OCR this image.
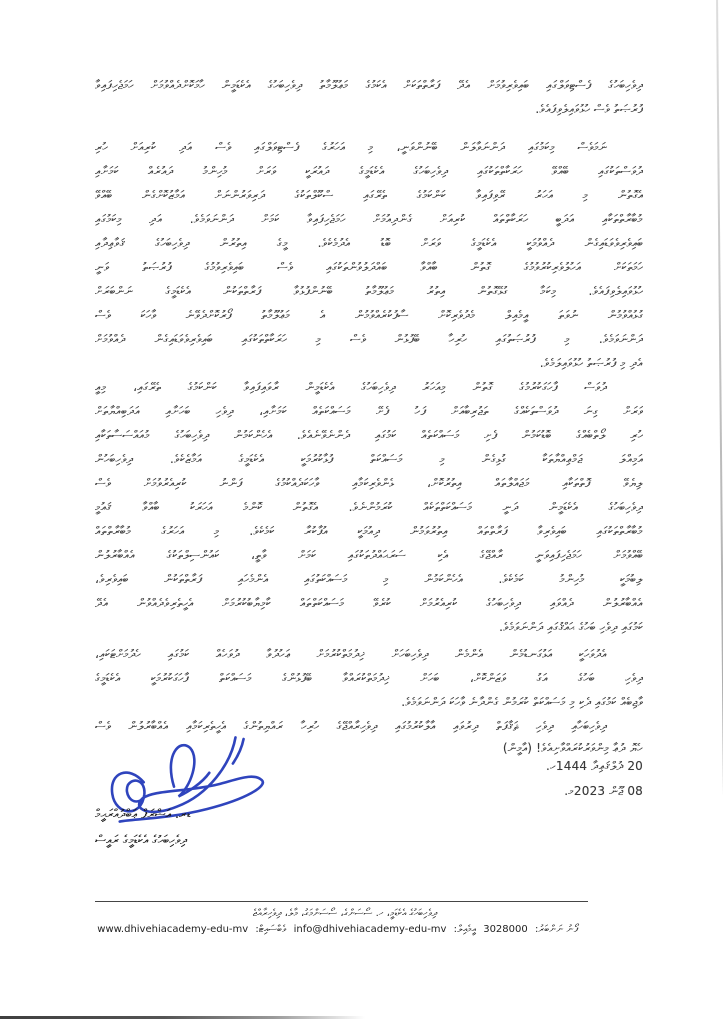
ދިވެހިބަހުގެ ފެސްޓިވަލްގައި ބައިވެރިވުމަށް އެދޭ ފަރާތްތަކަށް އެކަމުގެ މަޢުލޫމާތު ދިވެހިބަހުގެ އެކެޑަމީން ހާމަކޮށްދެއްވުމަށް ހަމަޖެހިފައިވާ
ފުރުޞަތު ވެސް ހުޅުވައިލެވިފައެވެ.
ނަމަވެސް މިކަމުގައި ދަންނަވާލަން ބޭނުންވަނީ، މި އަހަރުގެ ފެސްޓިވަލްގައި ވެސް އަދި ކުރިއަށް ހުރި
ދުވަސްތަކުގައި ބޭއްވޭ ހަރަކާތްތަކުގައި ދިވެހިބަހުގެ އެކެޑަމީގެ ދައުރަކީ ވަރަށް މުހިންމު ދައުރެއް ކަމަށާއި
އެގޮތުން މި އަހަރު ރޭވިފައިވާ ކަންކަމުގެ ތެރޭގައި ސްކޫލްތަކުގެ ދަރިވަރުންނަށް އަމާޒުކޮށްގެން ބޭއްވޭ
މުބާރާތްތަކާއި އަދަބީ ހަރަކާތްތައް ކުރިއަށް ގެންދިއުމަށް ހަމަޖެހިފައިވާ ކަމަށް ދަންނަވަމެވެ. އަދި މިކަމުގައި
ބައިވެރިވެވަޑައިގެން ދެއްވުމަކީ އެކެޑަމީގެ ވަރަށް ބޮޑު އެދުމެކެވެ. މީގެ އިތުރުން ދިވެހިބަހުގެ ޤަވާޢިދާއި
ހަމަތަކަށް އަހުލުވެރިކުރުވުމުގެ ގޮތުން ބާއްވާ ބައްދަލުވުންތަކުގައި ވެސް ބައިވެރިވުމުގެ ފުރުޞަތު ވަނީ
ހުޅުވައިލެވިފައެވެ. މިކަމާ ގުޅޭގޮތުން އިތުރު މަޢުލޫމާތު ބޭނުންފުޅުވާ ފަރާތްތަކުން އެކެޑަމީގެ ނަންބަރަށް
ގުޅުއްވުމުން ނުވަތަ އީމެއިލް މެދުވެރިކޮށް ސާފުކުރެއްވުމުން އެ މަޢުލޫމާތު ފޯރުކޮށްދެވޭނެ ވާހަކަ ވެސް
ދަންނަވަމެވެ. މި ފުރުޞަތުގައި ހުރިހާ ބޭފުޅުން ވެސް މި ހަރަކާތްތަކުގައި ބައިވެރިވެވަޑައިގެން ދެއްވުމަށް
އެދި މި ފުރުޞަތު ހުޅުވައިލަމެވެ.
ދުވަސް ފާހަގަކުރުމުގެ ގޮތުން މިއަހަރު ދިވެހިބަހުގެ އެކެޑަމީން ރާވައިފައިވާ ކަންކަމުގެ ތެރޭގައި، މިއީ
ވަރަށް ގިނަ ދުވަސްތަކެއްގެ ތަޖުރިބާއަށް ފަހު ފެށޭ މަސައްކަތެއް ކަމަށާއި، ދިވެހި ބަހަށާއި އަދަބިއްޔާތަށް
ހުރި ލޯތްބެއްގެ ބޮޑުކަމުން ފެށި މަސައްކަތެއް ކަމުގައި ދެންނެވޭނެއެވެ. އެހެންކަމުން ދިވެހިބަހުގެ މުއައްސަސާތަކާއި
އަމިއްލަ ޖަމްޢިއްޔާތަކާ ގުޅިގެން މި މަސައްކަތް ފުޅާކުރުމަކީ އެކެޑަމީގެ އަމާޒެކެވެ. ދިވެހިބަހުން
ލިޔެވޭ ފޮތްތަކާއި މަޖައްލާތައް އިތުރުކޮށް، ޅެންވެރިކަމާއި ވާހަކަދެއްކުމުގެ ފަންނު ކުރިއެރުވުމަށް ވެސް
ދިވެހިބަހުގެ އެކެޑަމީން ދަނީ މަސައްކަތްތަކެއް ކުރަމުންނެވެ. އެގޮތުން ކޮންމެ އަހަރަކު ބާއްވާ ޤައުމީ
މުބާރާތްތަކުގައި ބައިވެރިވާ ފަރާތްތައް އިތުރުވަމުން ދިއުމަކީ އުފާކުރާ ކަމެކެވެ. މި އަހަރުގެ މުބާރާތްތައް
ބޭއްވުމަށް ހަމަޖެހިފައިވަނީ ރާއްޖޭގެ އެކި ސަރަޙައްދުތަކުގައި ކަމަށް ވާތީ، ކައުންސިލްތަކުގެ އެއްބާރުލުން
ލިބުމަކީ މުހިންމު ކަމެކެވެ. އެހެންކަމުން މި މަސައްކަތުގައި އެންމެހައި ފަރާތްތަކުން ބައިވެރިވެ،
އެއްބާރުލުން ދެއްވައި ދިވެހިބަހުގެ ކުރިއެރުމަށް ކުރެވޭ މަސައްކަތްތައް ކާމިޔާބުކުރުމަށް އެހީތެރިވެދެއްވުން އެދޭ
ކަމުގައި ދިވެހި ބަހުގެ ޙައްޤުގައި ދަންނަވަމެވެ.
އެދުވަހަކީ އަޅުގަނޑުމެން އެންމެން ދިވެހިބަހަށް ޚިދުމަތްކުރުމަށް ޢަހުދުވާ ދުވަހެއް ކަމުގައި ހެދުމަށްޓަކައި،
ދިވެހި ބަހުގެ އަގު ވަޒަންކޮށް، ބަހަށް ޚިދުމަތްކުރައްވާ ބޭފުޅުންގެ މަސައްކަތް ފާހަގަކުރުމަކީ އެކެޑަމީގެ
ވާޖިބެއް ކަމުގައި ދެކި މި މަސައްކަތް ކުރަމުން ގެންދާނެ ވާހަކަ ދަންނަވަމެވެ.
ދިވެހިބަހާއި ދިވެހި ޘަޤާފަތް ދިރުވައި އާލާކުރުމުގައި ދިވެހިރާއްޖޭގެ ހުރިހާ ރައްޔިތުންގެ އެހީތެރިކަމާއި އެއްބާރުލުން ވެސް
ހެޔޮ ދުޢާ މިންވަރުކުރައްވާށިއެވެ! (އާމީން)
20 ޛުލްޤަޢިދާ 1444ހ.
08 ޖޫން 2023މ.
ޑރ. އަޝްރަފް ޢަބްދުއްރަޙީމް
ދިވެހިބަހުގެ އެކެޑަމީގެ ރައީސް
ދިވެހިބަހުގެ އެކެޑަމީ، ހ. ސޯސަންގެ، ސޯސަންމަގު، މާލެ، ދިވެހިރާއްޖެ
ފޯނު ނަންބަރު: 3028000 އީމެއިލް: info@dhivehiacademy-edu-mv ވެބްސައިޓް: www.dhivehiacademy-edu-mv
